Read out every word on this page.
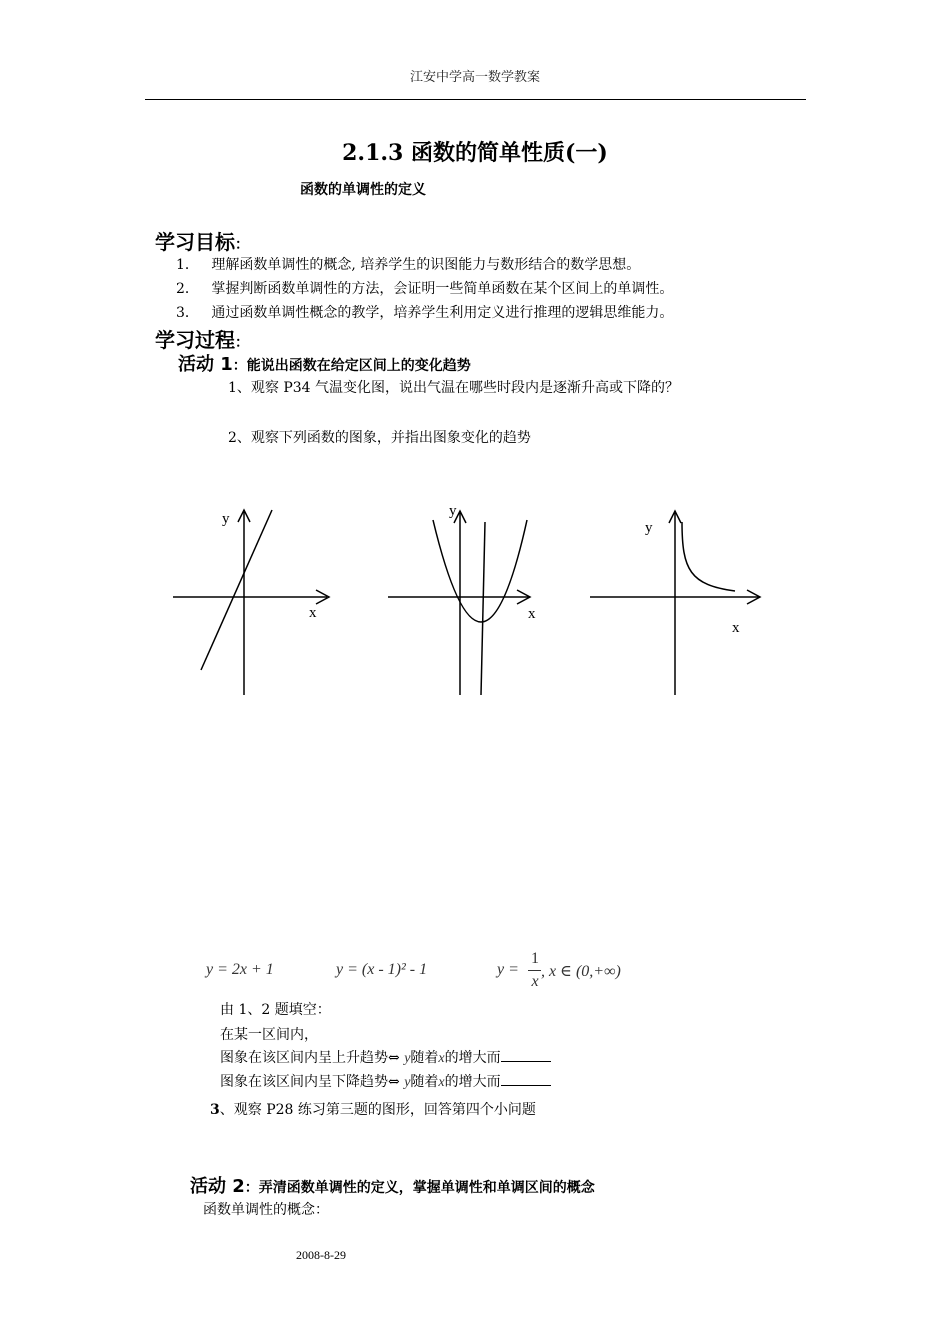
江安中学高一数学教案
2.1.3 函数的简单性质(一)
函数的单调性的定义
学习目标：
1． 理解函数单调性的概念, 培养学生的识图能力与数形结合的数学思想。
2． 掌握判断函数单调性的方法，会证明一些简单函数在某个区间上的单调性。
3． 通过函数单调性概念的教学，培养学生利用定义进行推理的逻辑思维能力。
学习过程：
活动 1：能说出函数在给定区间上的变化趋势
1、观察 P34 气温变化图，说出气温在哪些时段内是逐渐升高或下降的？
2、观察下列函数的图象，并指出图象变化的趋势
y
x
y
x
y
x
y = 2x + 1	y = (x - 1)² - 1	y =
1
x
, x ∈ (0,+∞)
由 1、2 题填空：
在某一区间内，
图象在该区间内呈上升趋势⇔ y随着x的增大而
图象在该区间内呈下降趋势⇔ y随着x的增大而
3、观察 P28 练习第三题的图形，回答第四个小问题
活动 2：弄清函数单调性的定义，掌握单调性和单调区间的概念
函数单调性的概念：
2008-8-29
